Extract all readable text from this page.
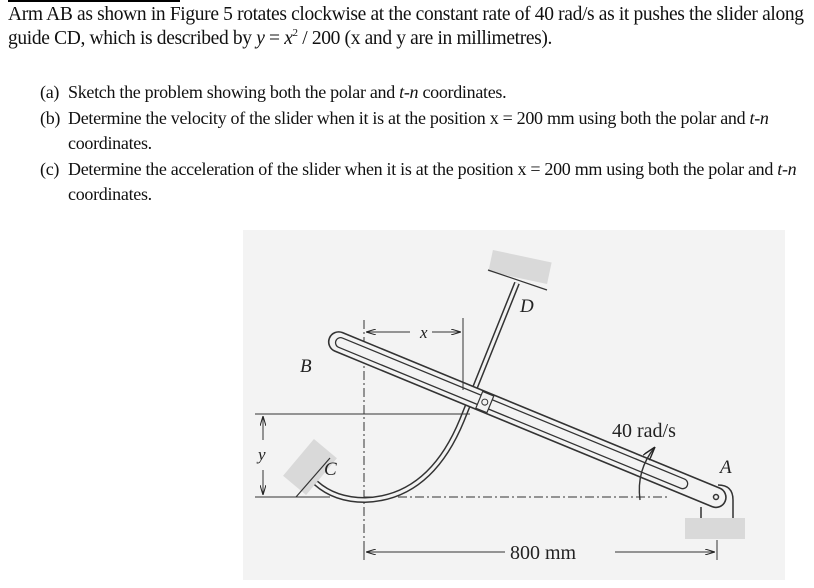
Arm AB as shown in Figure 5 rotates clockwise at the constant rate of 40 rad/s as it pushes the slider along guide CD, which is described by $y = x^2 / 200$ (x and y are in millimetres).
(a) Sketch the problem showing both the polar and t-n coordinates.
(b) Determine the velocity of the slider when it is at the position x = 200 mm using both the polar and t-n coordinates.
(c) Determine the acceleration of the slider when it is at the position x = 200 mm using both the polar and t-n coordinates.
x
y
800 mm
40 rad/s
B
C
D
A
